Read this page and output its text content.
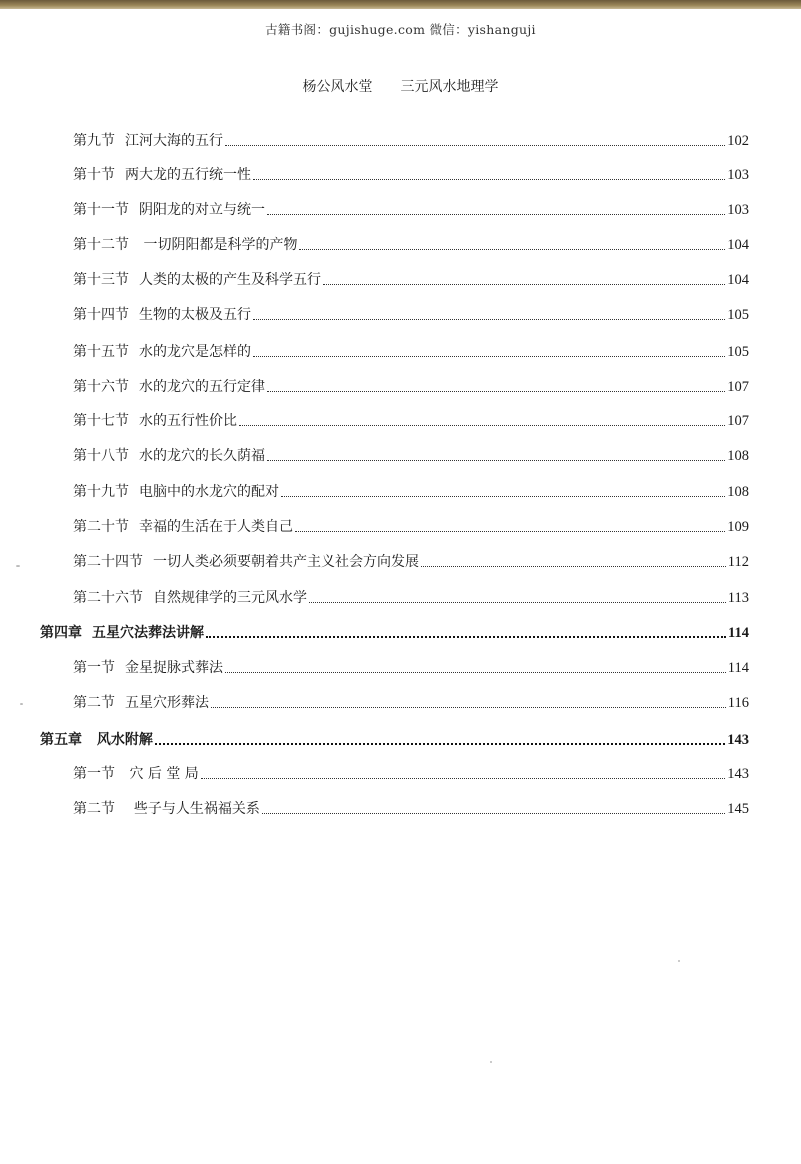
古籍书阁：gujishuge.com 微信：yishanguji
杨公风水堂 三元风水地理学
第九节 江河大海的五行	102
第十节 两大龙的五行统一性	103
第十一节 阴阳龙的对立与统一	103
第十二节 一切阴阳都是科学的产物	104
第十三节 人类的太极的产生及科学五行	104
第十四节 生物的太极及五行	105
第十五节 水的龙穴是怎样的	105
第十六节 水的龙穴的五行定律	107
第十七节 水的五行性价比	107
第十八节 水的龙穴的长久荫福	108
第十九节 电脑中的水龙穴的配对	108
第二十节 幸福的生活在于人类自己	109
第二十四节 一切人类必须要朝着共产主义社会方向发展	112
第二十六节 自然规律学的三元风水学	113
第四章 五星穴法葬法讲解	114
第一节 金星捉脉式葬法	114
第二节 五星穴形葬法	116
第五章 风水附解	143
第一节 穴 后 堂 局	143
第二节 些子与人生祸福关系	145
